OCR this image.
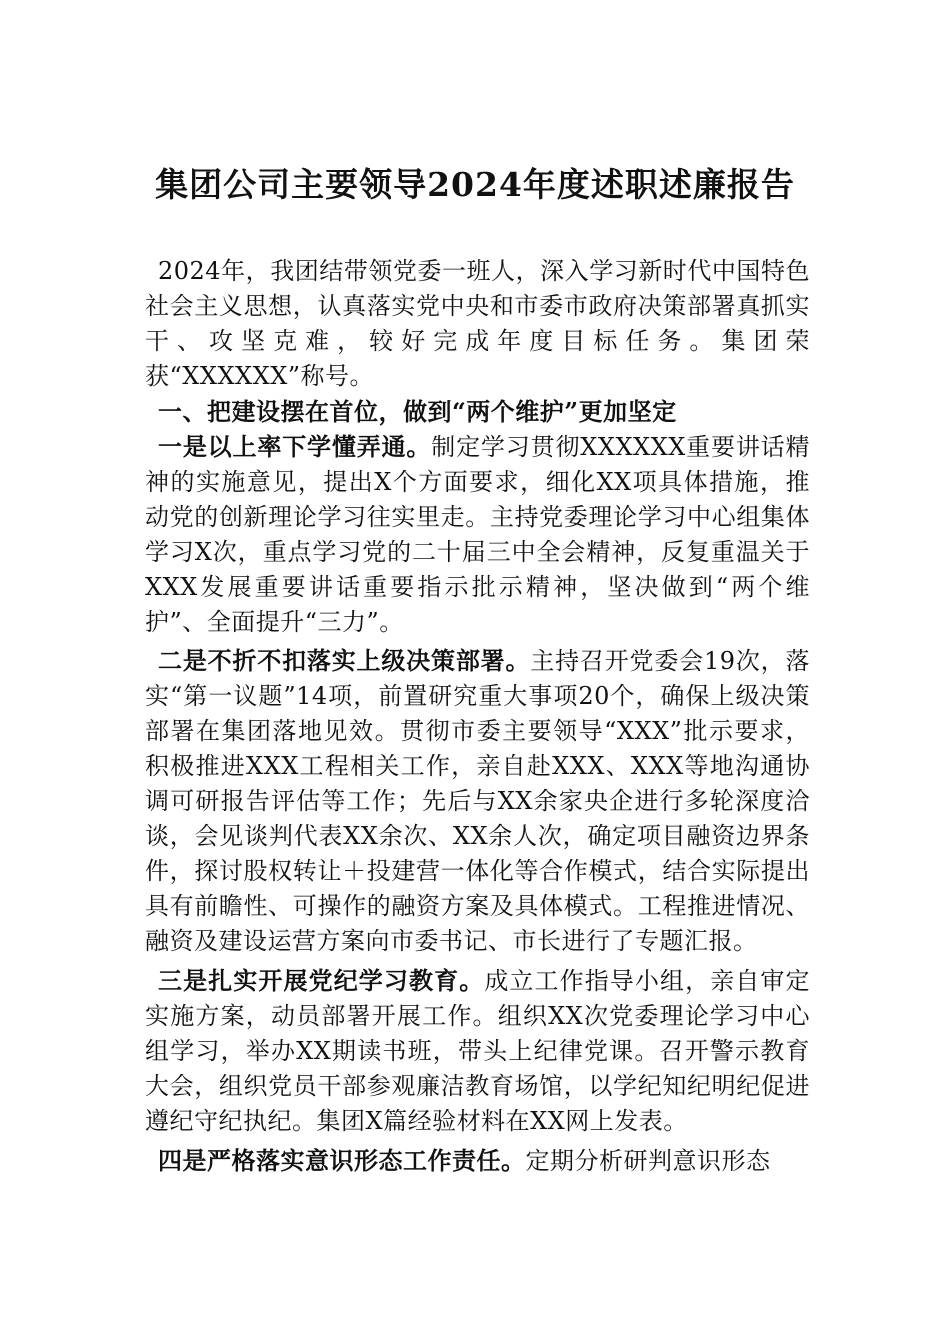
集团公司主要领导2024年度述职述廉报告

2024年，我团结带领党委一班人，深入学习新时代中国特色社会主义思想，认真落实党中央和市委市政府决策部署真抓实干、攻坚克难，较好完成年度目标任务。集团荣获“XXXXXX”称号。

一、把建设摆在首位，做到“两个维护”更加坚定

一是以上率下学懂弄通。制定学习贯彻XXXXXX重要讲话精神的实施意见，提出X个方面要求，细化XX项具体措施，推动党的创新理论学习往实里走。主持党委理论学习中心组集体学习X次，重点学习党的二十届三中全会精神，反复重温关于XXX发展重要讲话重要指示批示精神，坚决做到“两个维护”、全面提升“三力”。

二是不折不扣落实上级决策部署。主持召开党委会19次，落实“第一议题”14项，前置研究重大事项20个，确保上级决策部署在集团落地见效。贯彻市委主要领导“XXX”批示要求，积极推进XXX工程相关工作，亲自赴XXX、XXX等地沟通协调可研报告评估等工作；先后与XX余家央企进行多轮深度洽谈，会见谈判代表XX余次、XX余人次，确定项目融资边界条件，探讨股权转让＋投建营一体化等合作模式，结合实际提出具有前瞻性、可操作的融资方案及具体模式。工程推进情况、融资及建设运营方案向市委书记、市长进行了专题汇报。

三是扎实开展党纪学习教育。成立工作指导小组，亲自审定实施方案，动员部署开展工作。组织XX次党委理论学习中心组学习，举办XX期读书班，带头上纪律党课。召开警示教育大会，组织党员干部参观廉洁教育场馆，以学纪知纪明纪促进遵纪守纪执纪。集团X篇经验材料在XX网上发表。

四是严格落实意识形态工作责任。定期分析研判意识形态
